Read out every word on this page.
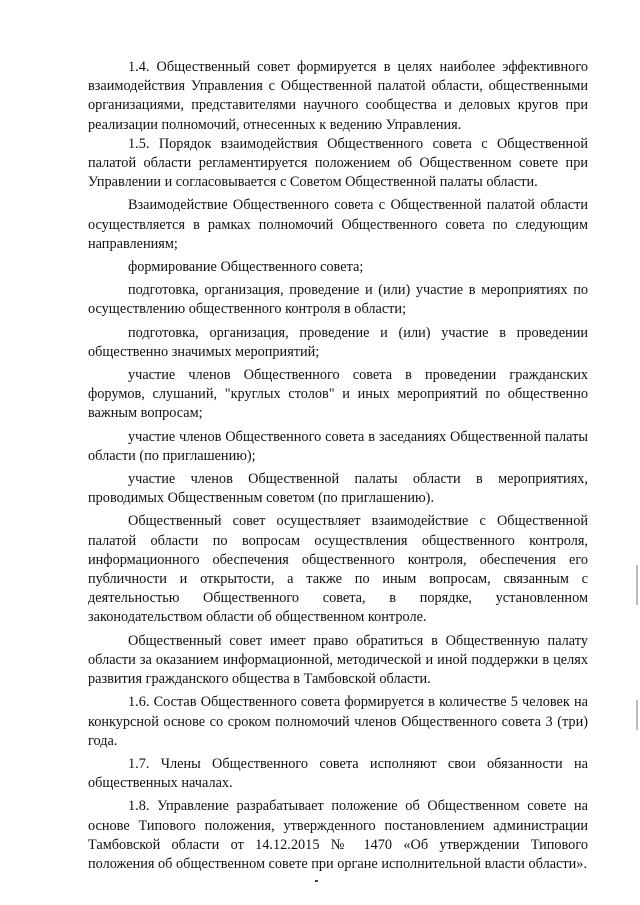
1.4. Общественный совет формируется в целях наиболее эффективного взаимодействия Управления с Общественной палатой области, общественными организациями, представителями научного сообщества и деловых кругов при реализации полномочий, отнесенных к ведению Управления.

1.5. Порядок взаимодействия Общественного совета с Общественной палатой области регламентируется положением об Общественном совете при Управлении и согласовывается с Советом Общественной палаты области.

Взаимодействие Общественного совета с Общественной палатой области осуществляется в рамках полномочий Общественного совета по следующим направлениям;

формирование Общественного совета;

подготовка, организация, проведение и (или) участие в мероприятиях по осуществлению общественного контроля в области;

подготовка, организация, проведение и (или) участие в проведении общественно значимых мероприятий;

участие членов Общественного совета в проведении гражданских форумов, слушаний, "круглых столов" и иных мероприятий по общественно важным вопросам;

участие членов Общественного совета в заседаниях Общественной палаты области (по приглашению);

участие членов Общественной палаты области в мероприятиях, проводимых Общественным советом (по приглашению).

Общественный совет осуществляет взаимодействие с Общественной палатой области по вопросам осуществления общественного контроля, информационного обеспечения общественного контроля, обеспечения его публичности и открытости, а также по иным вопросам, связанным с деятельностью Общественного совета, в порядке, установленном законодательством области об общественном контроле.

Общественный совет имеет право обратиться в Общественную палату области за оказанием информационной, методической и иной поддержки в целях развития гражданского общества в Тамбовской области.

1.6. Состав Общественного совета формируется в количестве 5 человек на конкурсной основе со сроком полномочий членов Общественного совета 3 (три) года.

1.7. Члены Общественного совета исполняют свои обязанности на общественных началах.

1.8. Управление разрабатывает положение об Общественном совете на основе Типового положения, утвержденного постановлением администрации Тамбовской области от 14.12.2015 № 1470 «Об утверждении Типового положения об общественном совете при органе исполнительной власти области».
